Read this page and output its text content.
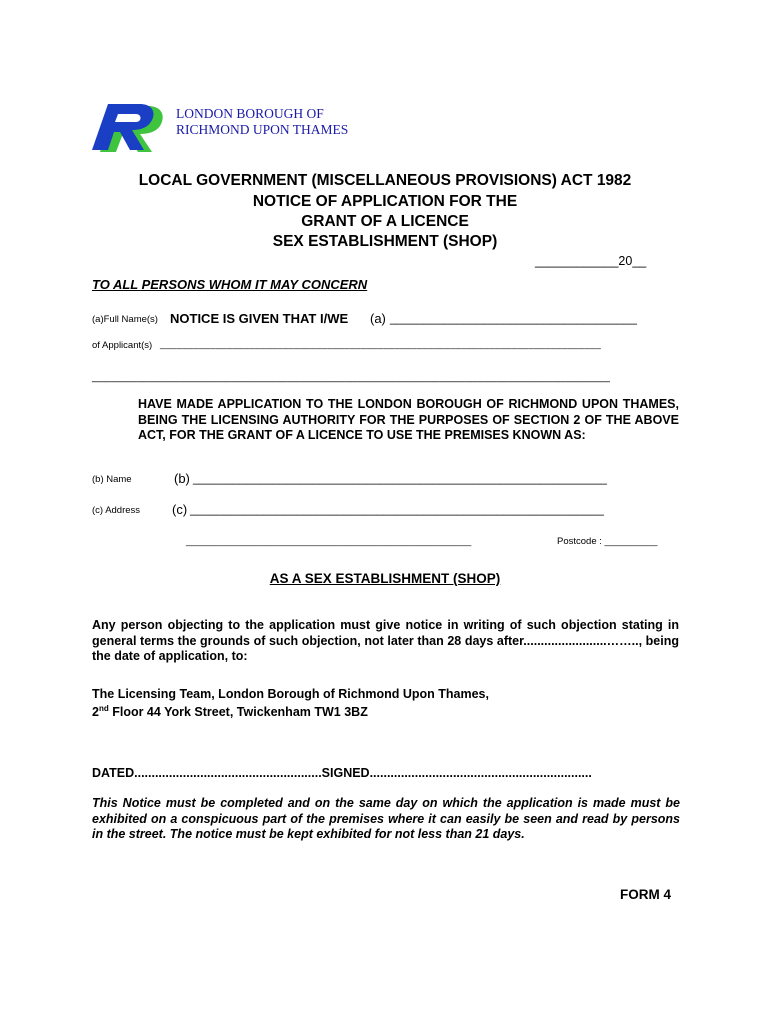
LONDON BOROUGH OF
RICHMOND UPON THAMES
LOCAL GOVERNMENT (MISCELLANEOUS PROVISIONS) ACT 1982
NOTICE OF APPLICATION FOR THE
GRANT OF A LICENCE
SEX ESTABLISHMENT (SHOP)
____________20__
TO ALL PERSONS WHOM IT MAY CONCERN
(a)Full Name(s) NOTICE IS GIVEN THAT I/WE (a) _____________________________________
of Applicant(s) _______________________________________________________________________________
__________________________________________________________________________________
HAVE MADE APPLICATION TO THE LONDON BOROUGH OF RICHMOND UPON THAMES, BEING THE LICENSING AUTHORITY FOR THE PURPOSES OF SECTION 2 OF THE ABOVE ACT, FOR THE GRANT OF A LICENCE TO USE THE PREMISES KNOWN AS:
(b) Name	(b) ______________________________________________________________
(c) Address (c) ______________________________________________________________
______________________________________________________	Postcode : __________
AS A SEX ESTABLISHMENT (SHOP)
Any person objecting to the application must give notice in writing of such objection stating in general terms the grounds of such objection, not later than 28 days after........................…….., being the date of application, to:
The Licensing Team, London Borough of Richmond Upon Thames,
2nd Floor 44 York Street, Twickenham TW1 3BZ
DATED......................................................SIGNED................................................................
This Notice must be completed and on the same day on which the application is made must be exhibited on a conspicuous part of the premises where it can easily be seen and read by persons in the street. The notice must be kept exhibited for not less than 21 days.
FORM 4
